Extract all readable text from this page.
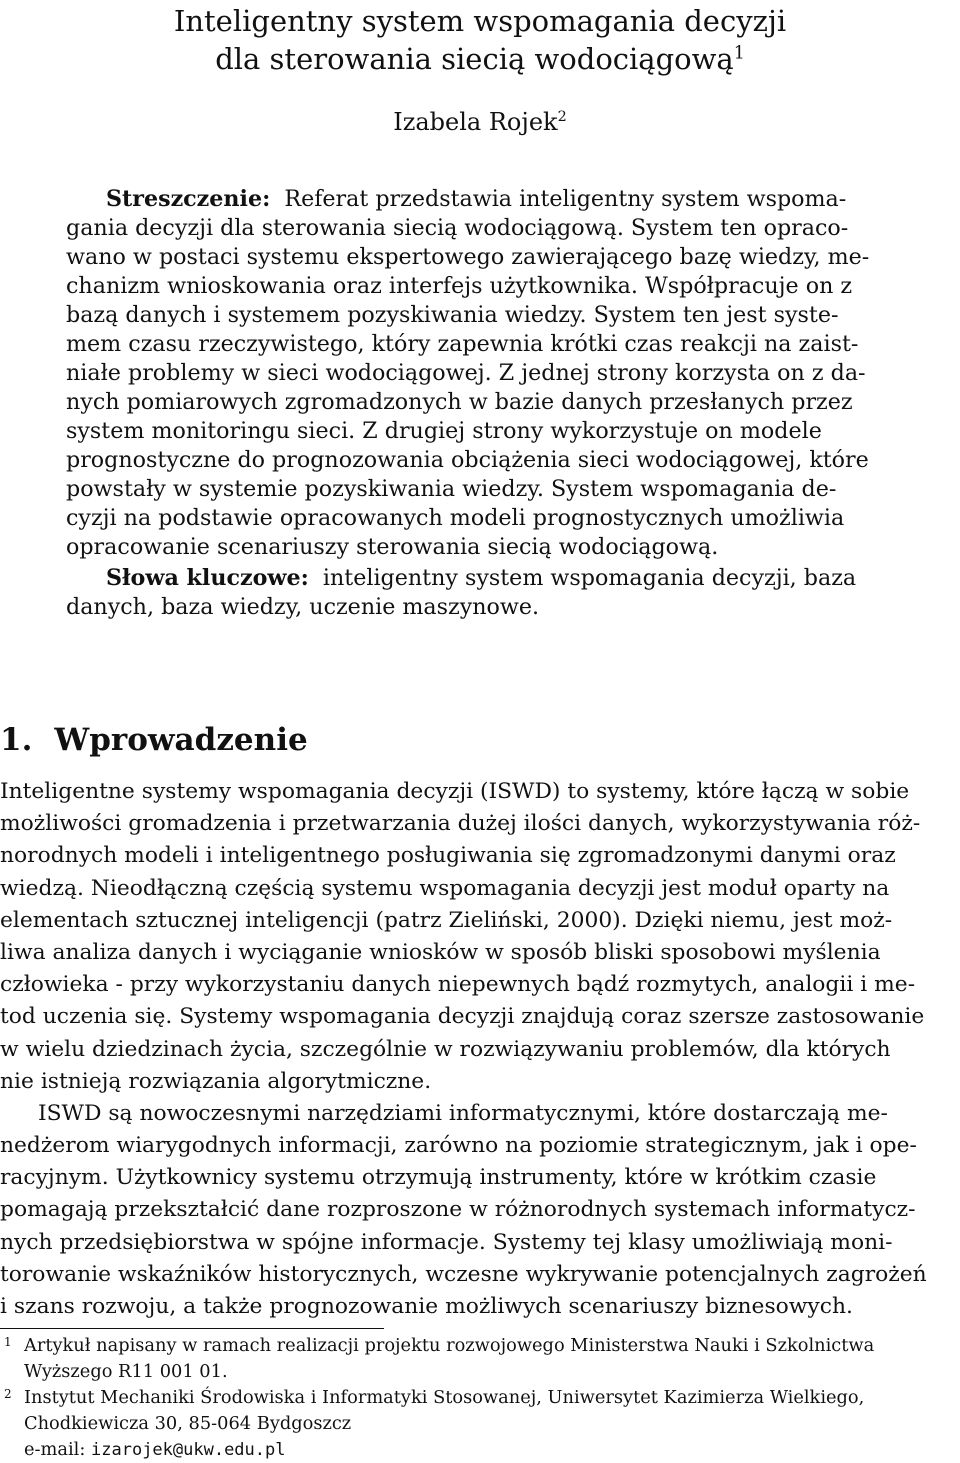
Inteligentny system wspomagania decyzji
dla sterowania siecią wodociągową$^1$
Izabela Rojek$^2$
Streszczenie: Referat przedstawia inteligentny system wspoma-
gania decyzji dla sterowania siecią wodociągową. System ten opraco-
wano w postaci systemu ekspertowego zawierającego bazę wiedzy, me-
chanizm wnioskowania oraz interfejs użytkownika. Współpracuje on z
bazą danych i systemem pozyskiwania wiedzy. System ten jest syste-
mem czasu rzeczywistego, który zapewnia krótki czas reakcji na zaist-
niałe problemy w sieci wodociągowej. Z jednej strony korzysta on z da-
nych pomiarowych zgromadzonych w bazie danych przesłanych przez
system monitoringu sieci. Z drugiej strony wykorzystuje on modele
prognostyczne do prognozowania obciążenia sieci wodociągowej, które
powstały w systemie pozyskiwania wiedzy. System wspomagania de-
cyzji na podstawie opracowanych modeli prognostycznych umożliwia
opracowanie scenariuszy sterowania siecią wodociągową.
Słowa kluczowe: inteligentny system wspomagania decyzji, baza
danych, baza wiedzy, uczenie maszynowe.
1. Wprowadzenie
Inteligentne systemy wspomagania decyzji (ISWD) to systemy, które łączą w sobie
możliwości gromadzenia i przetwarzania dużej ilości danych, wykorzystywania róż-
norodnych modeli i inteligentnego posługiwania się zgromadzonymi danymi oraz
wiedzą. Nieodłączną częścią systemu wspomagania decyzji jest moduł oparty na
elementach sztucznej inteligencji (patrz Zieliński, 2000). Dzięki niemu, jest moż-
liwa analiza danych i wyciąganie wniosków w sposób bliski sposobowi myślenia
człowieka - przy wykorzystaniu danych niepewnych bądź rozmytych, analogii i me-
tod uczenia się. Systemy wspomagania decyzji znajdują coraz szersze zastosowanie
w wielu dziedzinach życia, szczególnie w rozwiązywaniu problemów, dla których
nie istnieją rozwiązania algorytmiczne.
ISWD są nowoczesnymi narzędziami informatycznymi, które dostarczają me-
nedżerom wiarygodnych informacji, zarówno na poziomie strategicznym, jak i ope-
racyjnym. Użytkownicy systemu otrzymują instrumenty, które w krótkim czasie
pomagają przekształcić dane rozproszone w różnorodnych systemach informatycz-
nych przedsiębiorstwa w spójne informacje. Systemy tej klasy umożliwiają moni-
torowanie wskaźników historycznych, wczesne wykrywanie potencjalnych zagrożeń
i szans rozwoju, a także prognozowanie możliwych scenariuszy biznesowych.
1 Artykuł napisany w ramach realizacji projektu rozwojowego Ministerstwa Nauki i Szkolnictwa
Wyższego R11 001 01.
2 Instytut Mechaniki Środowiska i Informatyki Stosowanej, Uniwersytet Kazimierza Wielkiego,
Chodkiewicza 30, 85-064 Bydgoszcz
e-mail: izarojek@ukw.edu.pl
